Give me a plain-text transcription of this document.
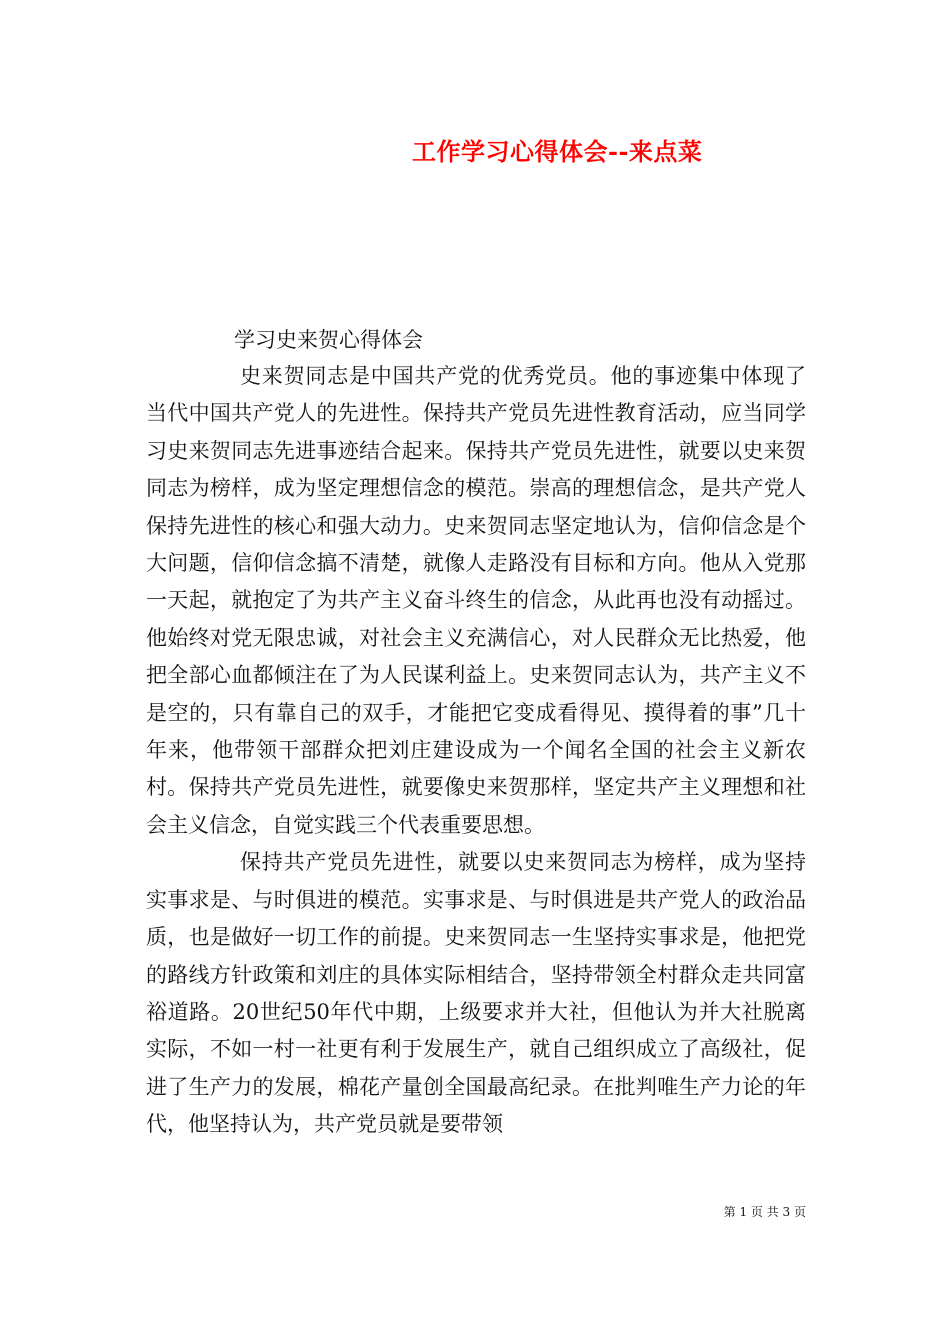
工作学习心得体会--来点菜
学习史来贺心得体会

史来贺同志是中国共产党的优秀党员。他的事迹集中体现了当代中国共产党人的先进性。保持共产党员先进性教育活动，应当同学习史来贺同志先进事迹结合起来。保持共产党员先进性，就要以史来贺同志为榜样，成为坚定理想信念的模范。崇高的理想信念，是共产党人保持先进性的核心和强大动力。史来贺同志坚定地认为，信仰信念是个大问题，信仰信念搞不清楚，就像人走路没有目标和方向。他从入党那一天起，就抱定了为共产主义奋斗终生的信念，从此再也没有动摇过。他始终对党无限忠诚，对社会主义充满信心，对人民群众无比热爱，他把全部心血都倾注在了为人民谋利益上。史来贺同志认为，共产主义不是空的，只有靠自己的双手，才能把它变成看得见、摸得着的事”几十年来，他带领干部群众把刘庄建设成为一个闻名全国的社会主义新农村。保持共产党员先进性，就要像史来贺那样，坚定共产主义理想和社会主义信念，自觉实践三个代表重要思想。

保持共产党员先进性，就要以史来贺同志为榜样，成为坚持实事求是、与时俱进的模范。实事求是、与时俱进是共产党人的政治品质，也是做好一切工作的前提。史来贺同志一生坚持实事求是，他把党的路线方针政策和刘庄的具体实际相结合，坚持带领全村群众走共同富裕道路。20世纪50年代中期，上级要求并大社，但他认为并大社脱离实际，不如一村一社更有利于发展生产，就自己组织成立了高级社，促进了生产力的发展，棉花产量创全国最高纪录。在批判唯生产力论的年代，他坚持认为，共产党员就是要带领

第 1 页 共 3 页
